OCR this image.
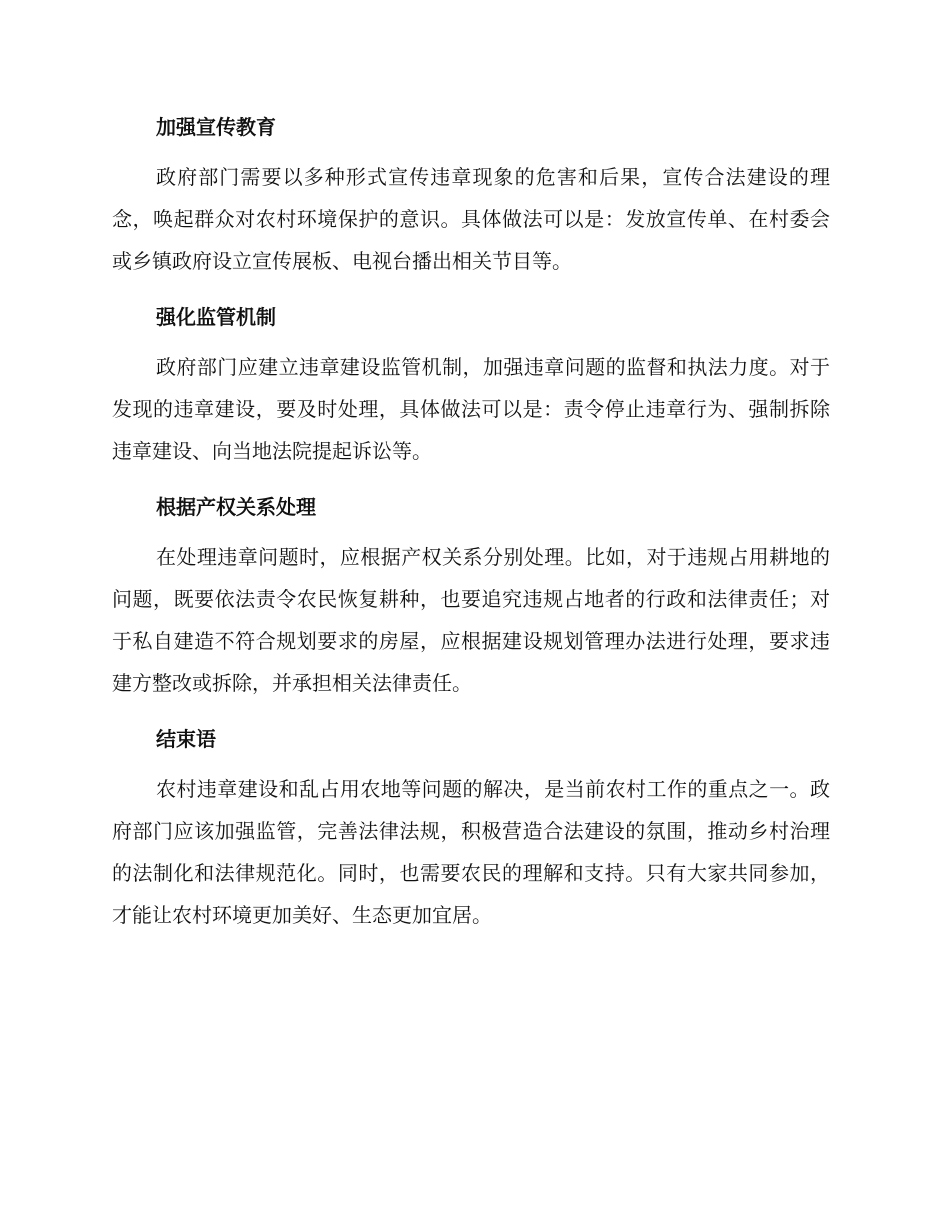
加强宣传教育

政府部门需要以多种形式宣传违章现象的危害和后果，宣传合法建设的理念，唤起群众对农村环境保护的意识。具体做法可以是：发放宣传单、在村委会或乡镇政府设立宣传展板、电视台播出相关节目等。

强化监管机制

政府部门应建立违章建设监管机制，加强违章问题的监督和执法力度。对于发现的违章建设，要及时处理，具体做法可以是：责令停止违章行为、强制拆除违章建设、向当地法院提起诉讼等。

根据产权关系处理

在处理违章问题时，应根据产权关系分别处理。比如，对于违规占用耕地的问题，既要依法责令农民恢复耕种，也要追究违规占地者的行政和法律责任；对于私自建造不符合规划要求的房屋，应根据建设规划管理办法进行处理，要求违建方整改或拆除，并承担相关法律责任。

结束语

农村违章建设和乱占用农地等问题的解决，是当前农村工作的重点之一。政府部门应该加强监管，完善法律法规，积极营造合法建设的氛围，推动乡村治理的法制化和法律规范化。同时，也需要农民的理解和支持。只有大家共同参加，才能让农村环境更加美好、生态更加宜居。
